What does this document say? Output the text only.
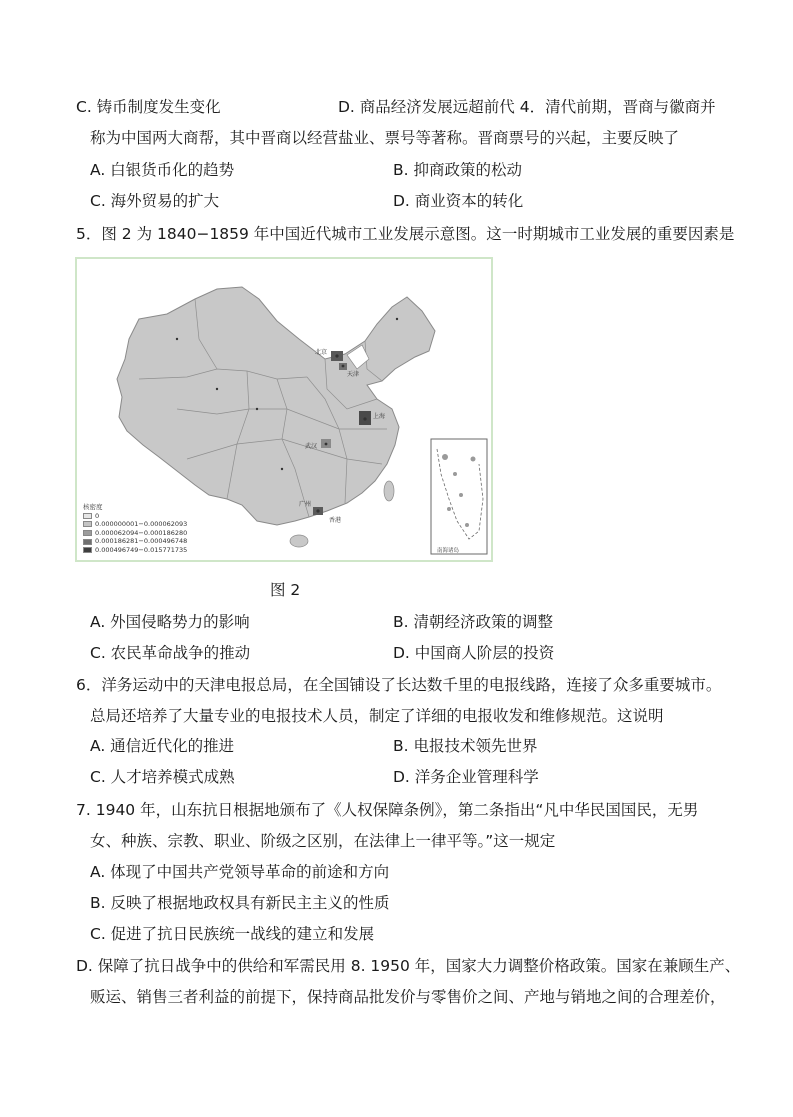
C. 铸币制度发生变化	D. 商品经济发展远超前代 4．清代前期，晋商与徽商并
称为中国两大商帮，其中晋商以经营盐业、票号等著称。晋商票号的兴起，主要反映了
A. 白银货币化的趋势	B. 抑商政策的松动
C. 海外贸易的扩大	D. 商业资本的转化
5．图 2 为 1840−1859 年中国近代城市工业发展示意图。这一时期城市工业发展的重要因素是
核密度
0
0.000000001−0.000062093
0.000062094−0.000186280
0.000186281−0.000496748
0.000496749−0.015771735
北京
天津
上海
广州
武汉
香港
南海诸岛
图 2
A. 外国侵略势力的影响	B. 清朝经济政策的调整
C. 农民革命战争的推动	D. 中国商人阶层的投资
6．洋务运动中的天津电报总局，在全国铺设了长达数千里的电报线路，连接了众多重要城市。
总局还培养了大量专业的电报技术人员，制定了详细的电报收发和维修规范。这说明
A. 通信近代化的推进	B. 电报技术领先世界
C. 人才培养模式成熟	D. 洋务企业管理科学
7. 1940 年，山东抗日根据地颁布了《人权保障条例》，第二条指出“凡中华民国国民，无男
女、种族、宗教、职业、阶级之区别，在法律上一律平等。”这一规定
A. 体现了中国共产党领导革命的前途和方向
B. 反映了根据地政权具有新民主主义的性质
C. 促进了抗日民族统一战线的建立和发展
D. 保障了抗日战争中的供给和军需民用 8. 1950 年，国家大力调整价格政策。国家在兼顾生产、
贩运、销售三者利益的前提下，保持商品批发价与零售价之间、产地与销地之间的合理差价，
